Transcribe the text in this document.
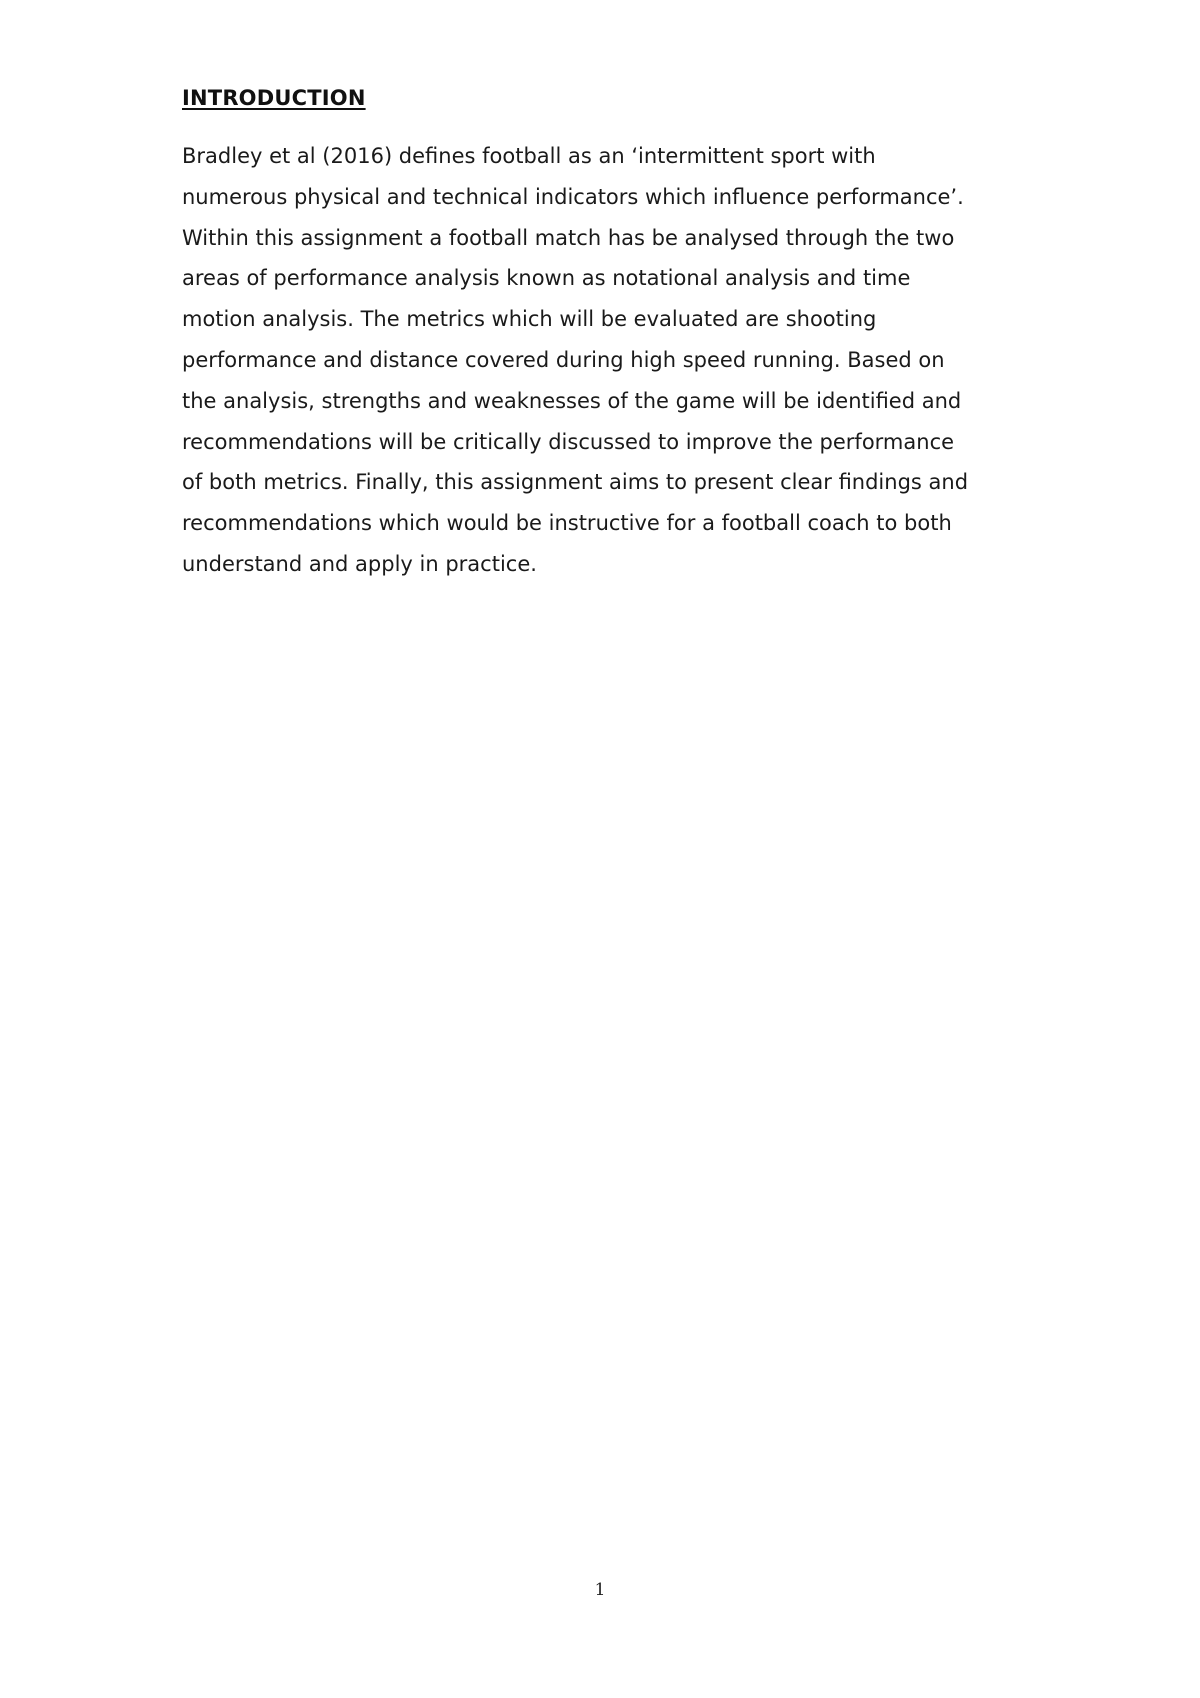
INTRODUCTION

Bradley et al (2016) defines football as an ‘intermittent sport with
numerous physical and technical indicators which influence performance’.
Within this assignment a football match has be analysed through the two
areas of performance analysis known as notational analysis and time
motion analysis. The metrics which will be evaluated are shooting
performance and distance covered during high speed running. Based on
the analysis, strengths and weaknesses of the game will be identified and
recommendations will be critically discussed to improve the performance
of both metrics. Finally, this assignment aims to present clear findings and
recommendations which would be instructive for a football coach to both
understand and apply in practice.

1
